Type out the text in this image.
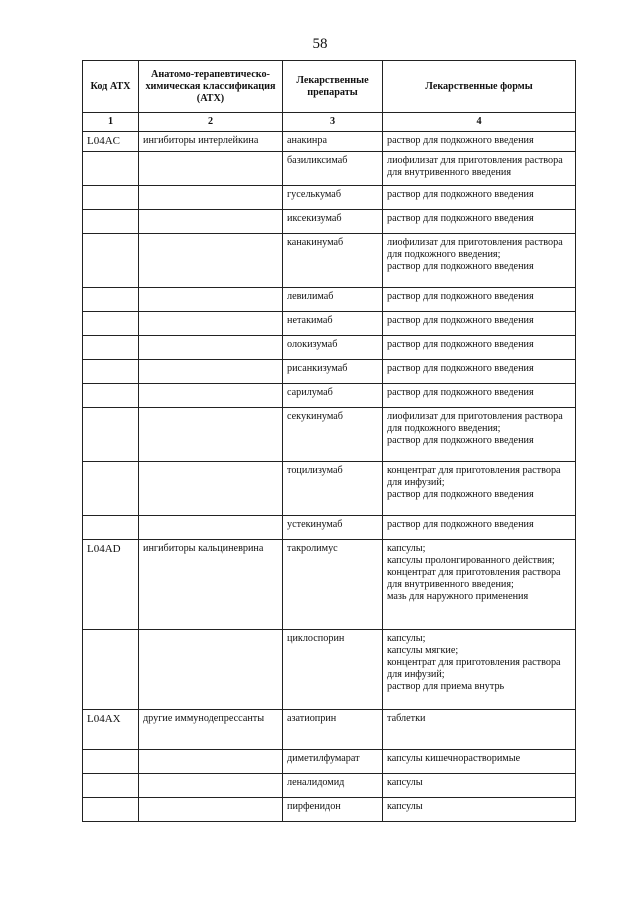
58
Код АТХ	Анатомо-терапевтическо-химическая классификация (АТХ)	Лекарственные препараты	Лекарственные формы
1	2	3	4
L04AC	ингибиторы интерлейкина	анакинра	раствор для подкожного введения
		базиликсимаб	лиофилизат для приготовления раствора для внутривенного введения
		гуселькумаб	раствор для подкожного введения
		иксекизумаб	раствор для подкожного введения
		канакинумаб	лиофилизат для приготовления раствора для подкожного введения;
раствор для подкожного введения
		левилимаб	раствор для подкожного введения
		нетакимаб	раствор для подкожного введения
		олокизумаб	раствор для подкожного введения
		рисанкизумаб	раствор для подкожного введения
		сарилумаб	раствор для подкожного введения
		секукинумаб	лиофилизат для приготовления раствора для подкожного введения;
раствор для подкожного введения
		тоцилизумаб	концентрат для приготовления раствора для инфузий;
раствор для подкожного введения
		устекинумаб	раствор для подкожного введения
L04AD	ингибиторы кальциневрина	такролимус	капсулы;
капсулы пролонгированного действия;
концентрат для приготовления раствора для внутривенного введения;
мазь для наружного применения
		циклоспорин	капсулы;
капсулы мягкие;
концентрат для приготовления раствора для инфузий;
раствор для приема внутрь
L04AX	другие иммунодепрессанты	азатиоприн	таблетки
		диметилфумарат	капсулы кишечнорастворимые
		леналидомид	капсулы
		пирфенидон	капсулы
